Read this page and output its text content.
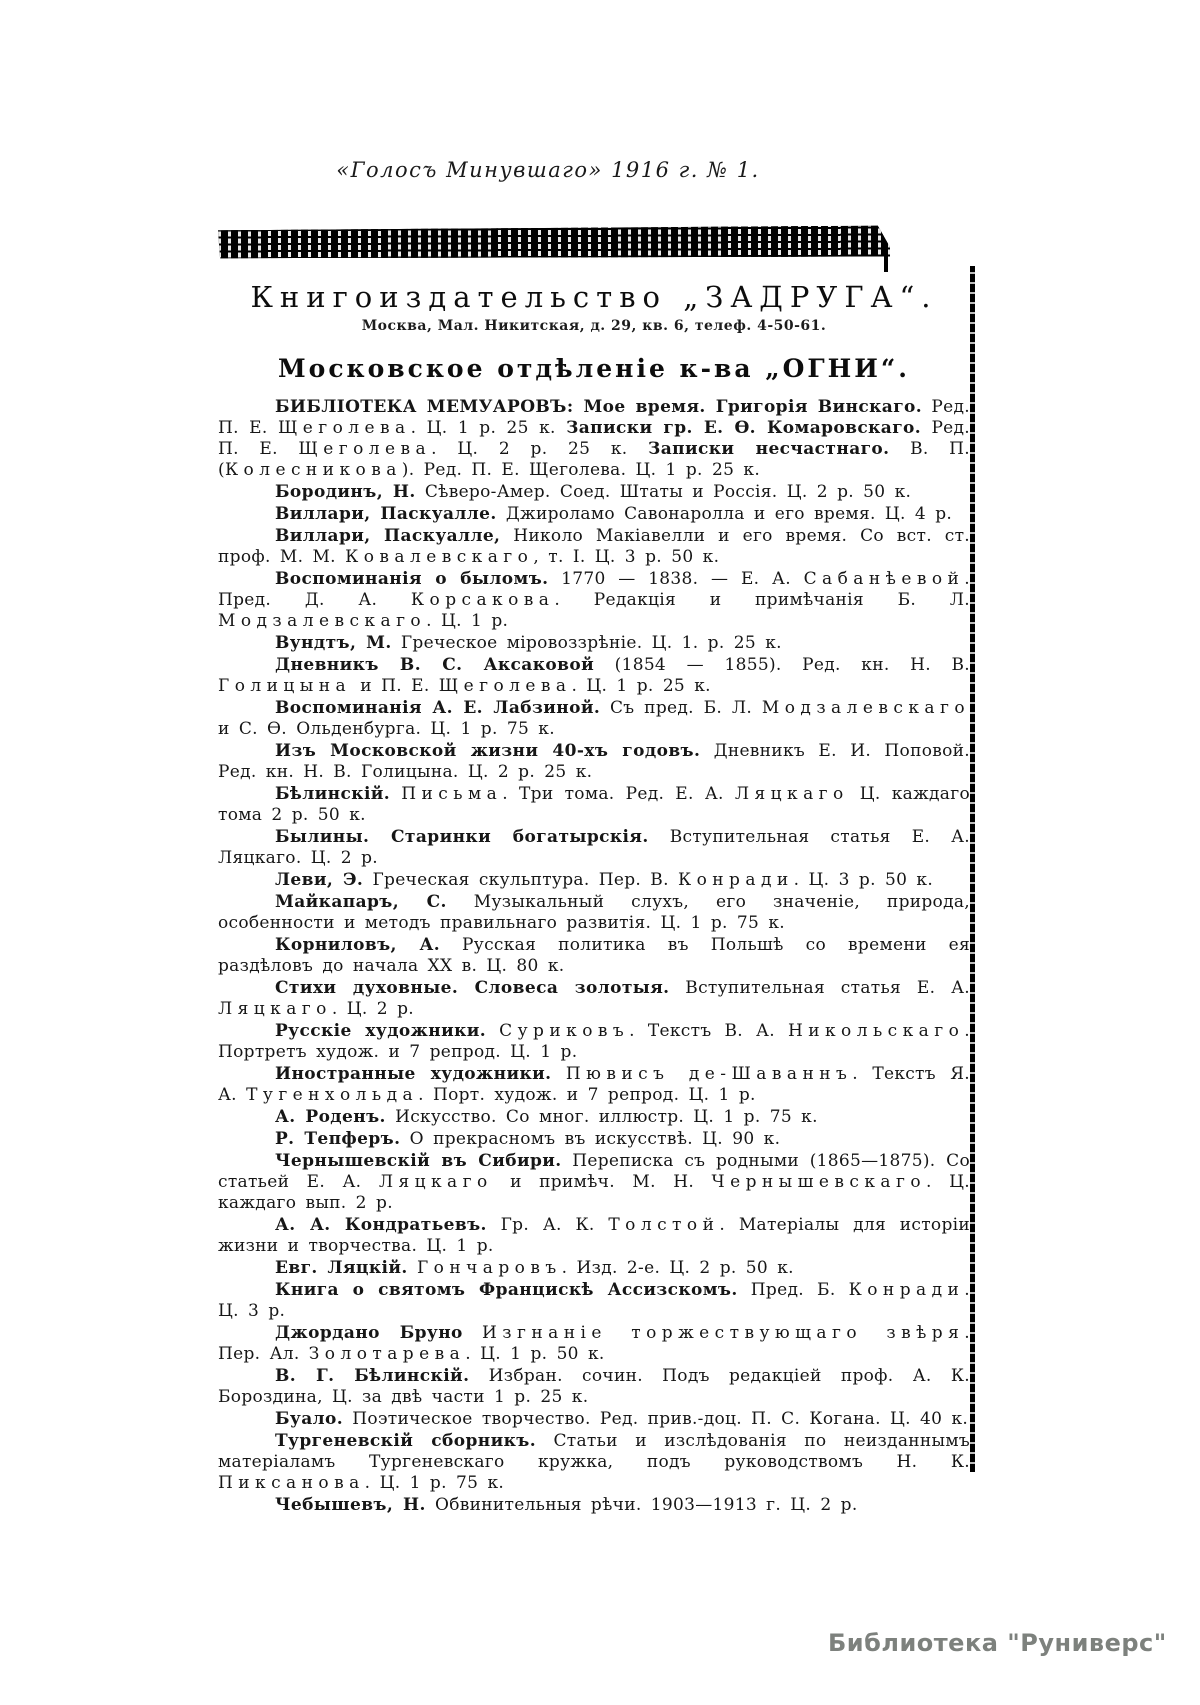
«Голосъ Минувшаго» 1916 г. № 1.
Книгоиздательство „ЗАДРУГА“.
Москва, Мал. Никитская, д. 29, кв. 6, телеф. 4-50-61.
Московское отдѣленіе к-ва „ОГНИ“.

БИБЛІОТЕКА МЕМУАРОВЪ: Мое время. Григорія Винскаго. Ред. П. Е. Щеголева. Ц. 1 р. 25 к. Записки гр. Е. Ѳ. Комаровскаго. Ред. П. Е. Щеголева. Ц. 2 р. 25 к. Записки несчастнаго. В. П. (Колесникова). Ред. П. Е. Щеголева. Ц. 1 р. 25 к.

Бородинъ, Н. Сѣверо-Амер. Соед. Штаты и Россія. Ц. 2 р. 50 к.

Виллари, Паскуалле. Джироламо Савонаролла и его время. Ц. 4 р.

Виллари, Паскуалле, Николо Макіавелли и его время. Со вст. ст. проф. М. М. Ковалевскаго, т. I. Ц. 3 р. 50 к.

Воспоминанія о быломъ. 1770 — 1838. — Е. А. Сабанѣевой. Пред. Д. А. Корсакова. Редакція и примѣчанія Б. Л. Модзалевскаго. Ц. 1 р.

Вундтъ, М. Греческое міровоззрѣніе. Ц. 1. р. 25 к.

Дневникъ В. С. Аксаковой (1854 — 1855). Ред. кн. Н. В. Голицына и П. Е. Щеголева. Ц. 1 р. 25 к.

Воспоминанія А. Е. Лабзиной. Съ пред. Б. Л. Модзалевскаго и С. Ѳ. Ольденбурга. Ц. 1 р. 75 к.

Изъ Московской жизни 40-хъ годовъ. Дневникъ Е. И. Поповой. Ред. кн. Н. В. Голицына. Ц. 2 р. 25 к.

Бѣлинскій. Письма. Три тома. Ред. Е. А. Ляцкаго Ц. каждаго тома 2 р. 50 к.

Былины. Старинки богатырскія. Вступительная статья Е. А. Ляцкаго. Ц. 2 р.

Леви, Э. Греческая скульптура. Пер. В. Конради. Ц. 3 р. 50 к.

Майкапаръ, С. Музыкальный слухъ, его значеніе, природа, особенности и методъ правильнаго развитія. Ц. 1 р. 75 к.

Корниловъ, А. Русская политика въ Польшѣ со времени ея раздѣловъ до начала XX в. Ц. 80 к.

Стихи духовные. Словеса золотыя. Вступительная статья Е. А. Ляцкаго. Ц. 2 р.

Русскіе художники. Суриковъ. Текстъ В. А. Никольскаго. Портретъ худож. и 7 репрод. Ц. 1 р.

Иностранные художники. Пювисъ де-Шаваннъ. Текстъ Я. А. Тугенхольда. Порт. худож. и 7 репрод. Ц. 1 р.

А. Роденъ. Искусство. Со мног. иллюстр. Ц. 1 р. 75 к.

Р. Тепферъ. О прекрасномъ въ искусствѣ. Ц. 90 к.

Чернышевскій въ Сибири. Переписка съ родными (1865—1875). Со статьей Е. А. Ляцкаго и примѣч. М. Н. Чернышевскаго. Ц. каждаго вып. 2 р.

А. А. Кондратьевъ. Гр. А. К. Толстой. Матеріалы для исторіи жизни и творчества. Ц. 1 р.

Евг. Ляцкій. Гончаровъ. Изд. 2-е. Ц. 2 р. 50 к.

Книга о святомъ Францискѣ Ассизскомъ. Пред. Б. Конради. Ц. 3 р.

Джордано Бруно Изгнаніе торжествующаго звѣря. Пер. Ал. Золотарева. Ц. 1 р. 50 к.

В. Г. Бѣлинскій. Избран. сочин. Подъ редакціей проф. А. К. Бороздина, Ц. за двѣ части 1 р. 25 к.

Буало. Поэтическое творчество. Ред. прив.-доц. П. С. Когана. Ц. 40 к.

Тургеневскій сборникъ. Статьи и изслѣдованія по неизданнымъ матеріаламъ Тургеневскаго кружка, подъ руководствомъ Н. К. Пиксанова. Ц. 1 р. 75 к.

Чебышевъ, Н. Обвинительныя рѣчи. 1903—1913 г. Ц. 2 р.

Библиотека "Руниверс"
